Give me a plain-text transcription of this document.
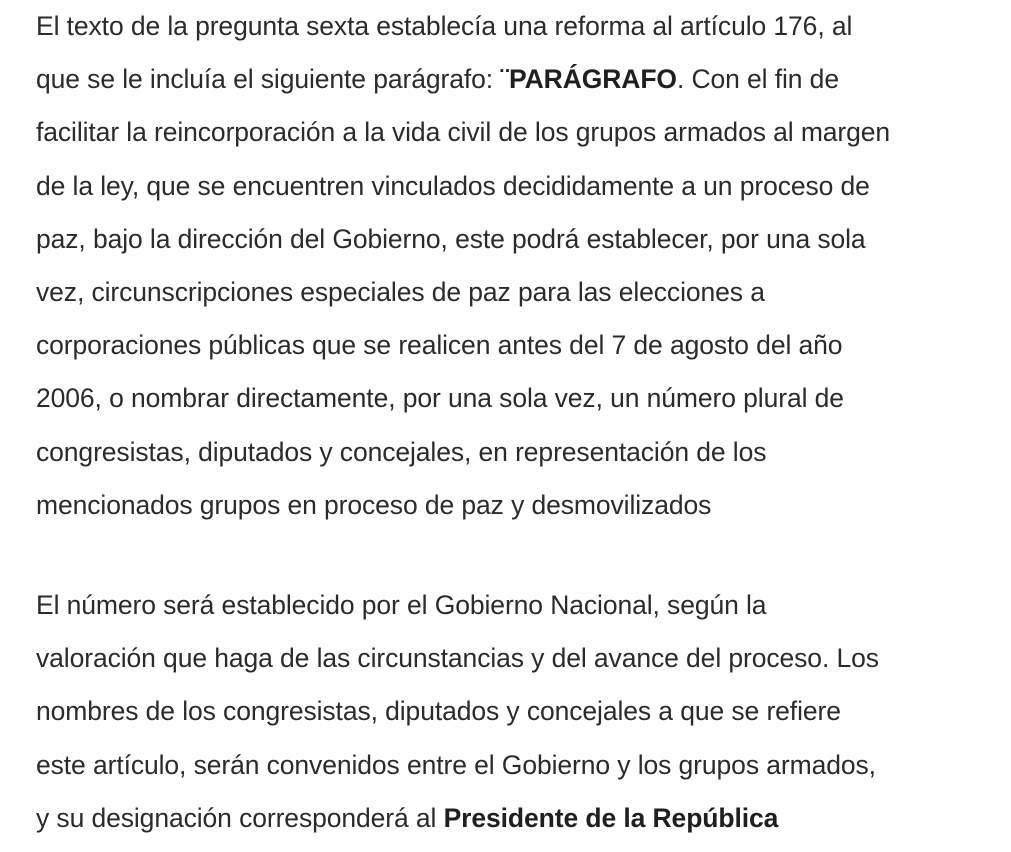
El texto de la pregunta sexta establecía una reforma al artículo 176, al
que se le incluía el siguiente parágrafo: ¨PARÁGRAFO. Con el fin de
facilitar la reincorporación a la vida civil de los grupos armados al margen
de la ley, que se encuentren vinculados decididamente a un proceso de
paz, bajo la dirección del Gobierno, este podrá establecer, por una sola
vez, circunscripciones especiales de paz para las elecciones a
corporaciones públicas que se realicen antes del 7 de agosto del año
2006, o nombrar directamente, por una sola vez, un número plural de
congresistas, diputados y concejales, en representación de los
mencionados grupos en proceso de paz y desmovilizados

El número será establecido por el Gobierno Nacional, según la
valoración que haga de las circunstancias y del avance del proceso. Los
nombres de los congresistas, diputados y concejales a que se refiere
este artículo, serán convenidos entre el Gobierno y los grupos armados,
y su designación corresponderá al Presidente de la República
